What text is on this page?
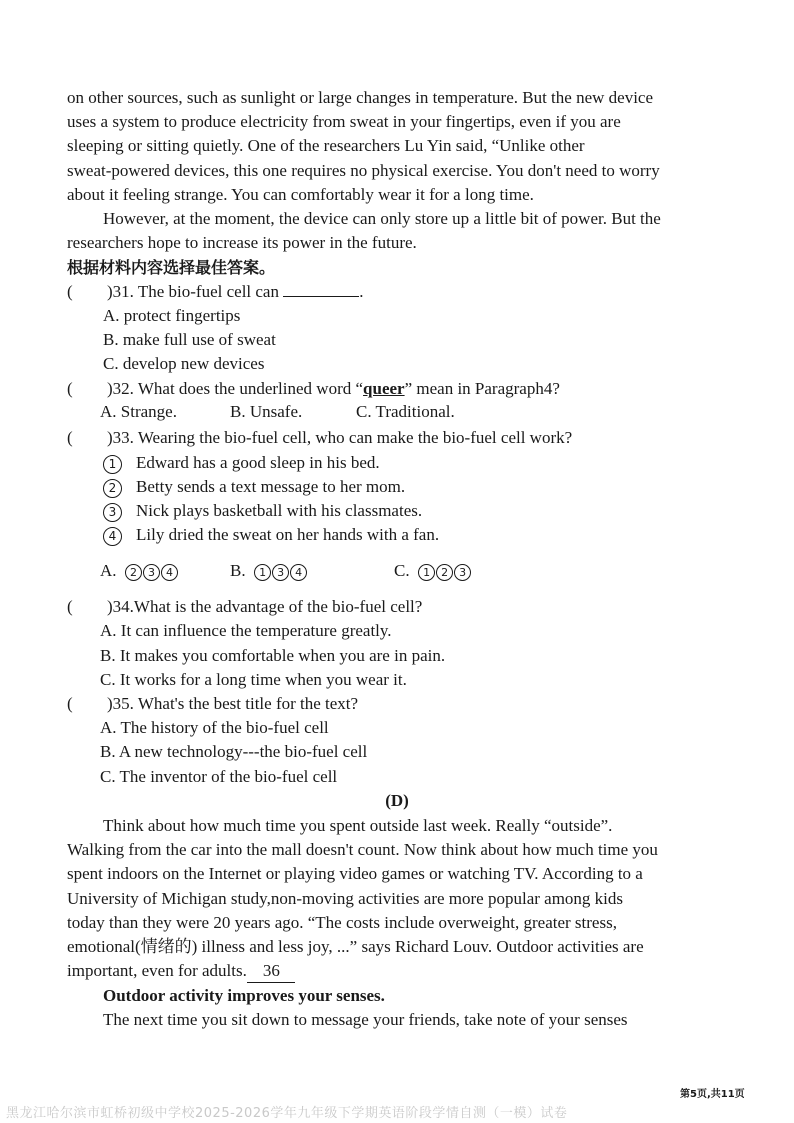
on other sources, such as sunlight or large changes in temperature. But the new device
uses a system to produce electricity from sweat in your fingertips, even if you are
sleeping or sitting quietly. One of the researchers Lu Yin said, “Unlike other
sweat-powered devices, this one requires no physical exercise. You don't need to worry
about it feeling strange. You can comfortably wear it for a long time.
However, at the moment, the device can only store up a little bit of power. But the
researchers hope to increase its power in the future.
根据材料内容选择最佳答案。
( )31. The bio-fuel cell can	.
A. protect fingertips
B. make full use of sweat
C. develop new devices
( )32. What does the underlined word “queer” mean in Paragraph4?
A. Strange.	B. Unsafe.	C. Traditional.
( )33. Wearing the bio-fuel cell, who can make the bio-fuel cell work?
1 Edward has a good sleep in his bed.
2 Betty sends a text message to her mom.
3 Nick plays basketball with his classmates.
4 Lily dried the sweat on her hands with a fan.
A. 2 3 4	B. 1 3 4	C. 1 2 3
( )34.What is the advantage of the bio-fuel cell?
A. It can influence the temperature greatly.
B. It makes you comfortable when you are in pain.
C. It works for a long time when you wear it.
( )35. What's the best title for the text?
A. The history of the bio-fuel cell
B. A new technology---the bio-fuel cell
C. The inventor of the bio-fuel cell
(D)
Think about how much time you spent outside last week. Really “outside”.
Walking from the car into the mall doesn't count. Now think about how much time you
spent indoors on the Internet or playing video games or watching TV. According to a
University of Michigan study,non-moving activities are more popular among kids
today than they were 20 years ago. “The costs include overweight, greater stress,
emotional(情绪的) illness and less joy, ...” says Richard Louv. Outdoor activities are
important, even for adults. 36
Outdoor activity improves your senses.
The next time you sit down to message your friends, take note of your senses
第5页,共11页
黑龙江哈尔滨市虹桥初级中学校2025-2026学年九年级下学期英语阶段学情自测（一模）试卷
